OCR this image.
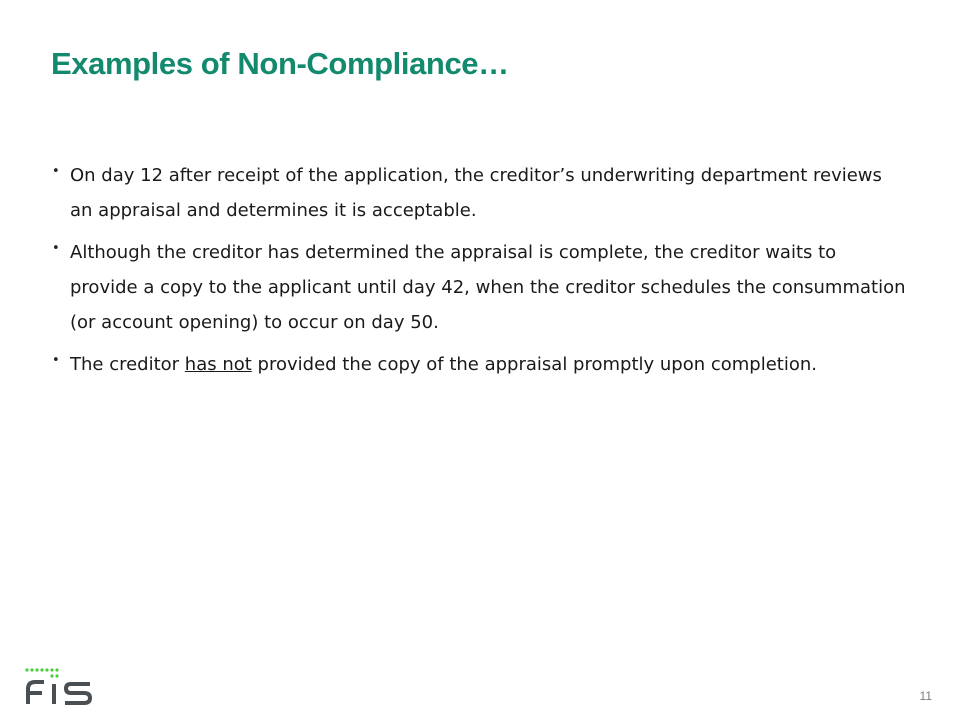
Examples of Non-Compliance…
• On day 12 after receipt of the application, the creditor’s underwriting department reviews an appraisal and determines it is acceptable.
• Although the creditor has determined the appraisal is complete, the creditor waits to provide a copy to the applicant until day 42, when the creditor schedules the consummation (or account opening) to occur on day 50.
• The creditor has not provided the copy of the appraisal promptly upon completion.
11
